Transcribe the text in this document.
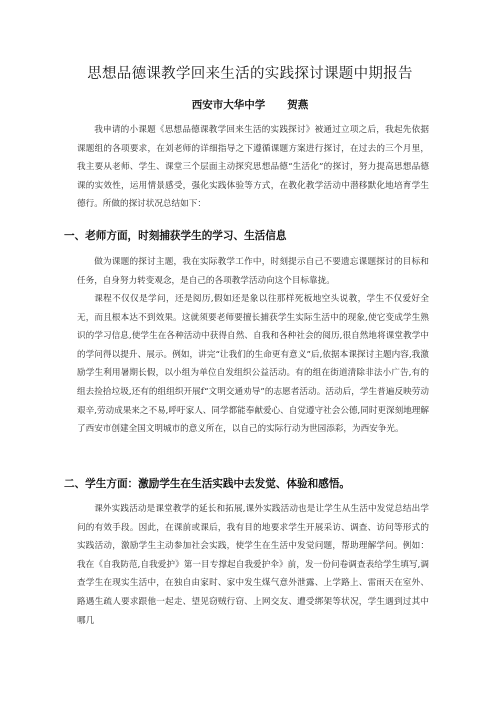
思想品德课教学回来生活的实践探讨课题中期报告
西安市大华中学 贺燕

我申请的小课题《思想品德课教学回来生活的实践探讨》被通过立项之后，我起先依据课题组的各项要求，在刘老师的详细指导之下遵循课题方案进行探讨，在过去的三个月里，我主要从老师、学生、课堂三个层面主动探究思想品德“生活化”的探讨，努力提高思想品德课的实效性，运用情景感受，强化实践体验等方式，在教化教学活动中潜移默化地培育学生德行。所做的探讨状况总结如下：

一、老师方面，时刻捕获学生的学习、生活信息

做为课题的探讨主题，我在实际教学工作中，时刻提示自己不要遗忘课题探讨的目标和任务，自身努力转变观念，是自己的各项教学活动向这个目标靠拢。

课程不仅仅是学问，还是阅历,假如还是象以往那样死板地空头说教，学生不仅爱好全无，而且根本达不到效果。这就须要老师要擅长捕获学生实际生活中的现象,使它变成学生熟识的学习信息,使学生在各种活动中获得自然、自我和各种社会的阅历,很自然地将课堂教学中的学问得以提升、展示。例如，讲完“让我们的生命更有意义”后,依据本课探讨主题内容,我激励学生利用暑期长假，以小组为单位自发组织公益活动。有的组在街道清除非法小广告,有的组去捡拾垃圾,还有的组组织开展f“文明交通劝导”的志愿者活动。活动后，学生普遍反映劳动艰辛,劳动成果来之不易,呼吁家人、同学都能奉献爱心、自觉遵守社会公德,同时更深刻地理解了西安市创建全国文明城市的意义所在，以自己的实际行动为世园添彩，为西安争光。

二、学生方面：激励学生在生活实践中去发觉、体验和感悟。

课外实践活动是课堂教学的延长和拓展,课外实践活动也是让学生从生活中发觉总结出学问的有效手段。因此，在课前或课后，我有目的地要求学生开展采访、调查、访问等形式的实践活动，激励学生主动参加社会实践，使学生在生活中发觉问题，帮助理解学问。例如：我在《自我防范,自我爱护》第一目专撑起自我爱护伞》前，发一份问卷调查表给学生填写,调查学生在现实生活中，在独自由家时、家中发生煤气意外泄露、上学路上、雷雨天在室外、路遇生疏人要求跟他一起走、望见窃贼行窃、上网交友、遭受绑架等状况，学生遇到过其中哪几
